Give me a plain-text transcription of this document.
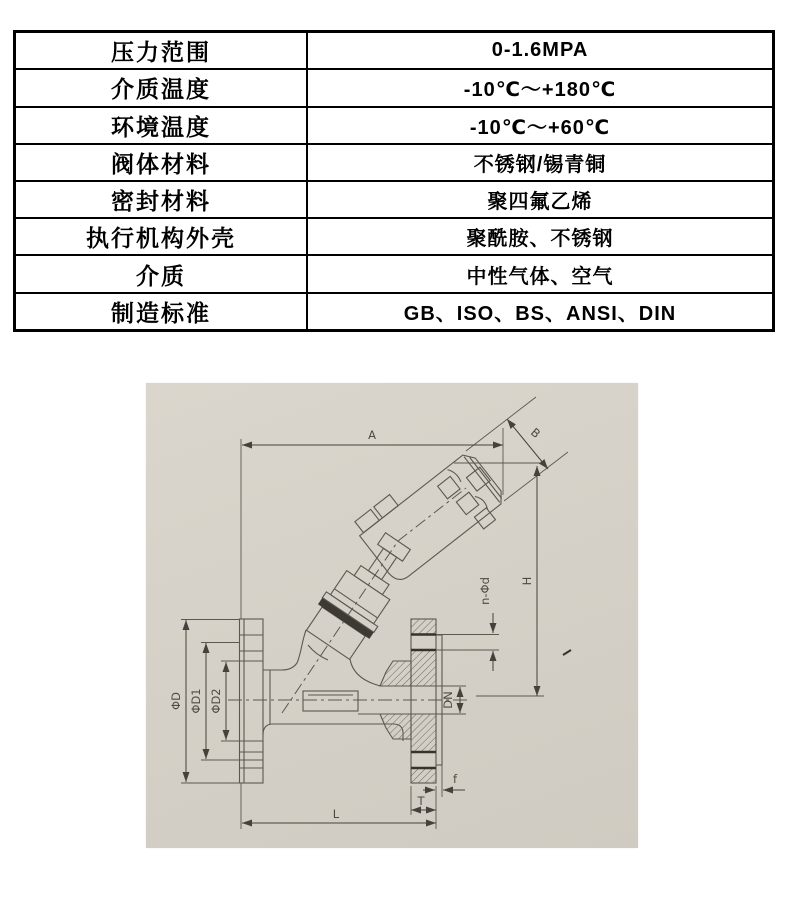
压力范围	0-1.6MPA
介质温度	-10℃～+180℃
环境温度	-10℃～+60℃
阀体材料	不锈钢/锡青铜
密封材料	聚四氟乙烯
执行机构外壳	聚酰胺、不锈钢
介质	中性气体、空气
制造标准	GB、ISO、BS、ANSI、DIN
A	B
H
n-Φd
DN
ΦD ΦD1 ΦD2
L
T
f
